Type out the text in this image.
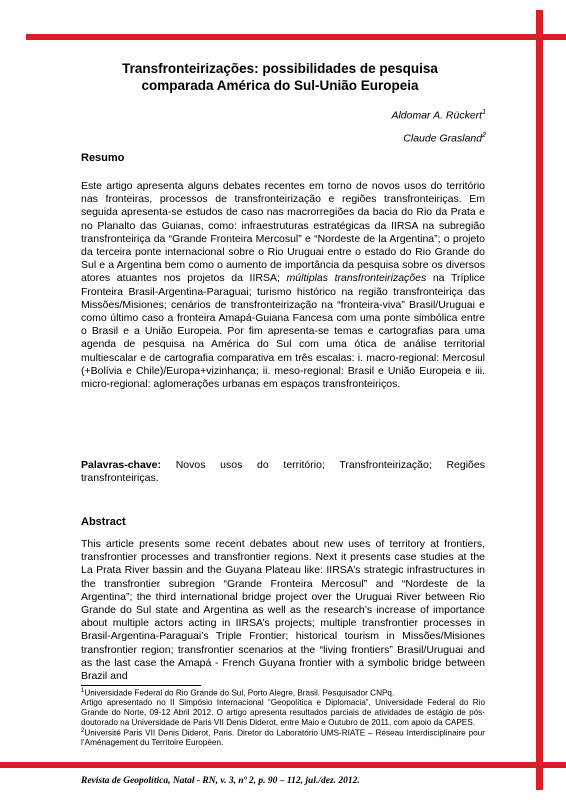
Transfronteirizações: possibilidades de pesquisa
comparada América do Sul-União Europeia
Aldomar A. Rückert$^1$
Claude Grasland$^2$
Resumo

Este artigo apresenta alguns debates recentes em torno de novos usos do território nas fronteiras, processos de transfronteirização e regiões transfronteiriças. Em seguida apresenta-se estudos de caso nas macrorregiões da bacia do Rio da Prata e no Planalto das Guianas, como: infraestruturas estratégicas da IIRSA na subregião transfronteiriça da “Grande Fronteira Mercosul” e “Nordeste de la Argentina”; o projeto da terceira ponte internacional sobre o Rio Uruguai entre o estado do Rio Grande do Sul e a Argentina bem como o aumento de importância da pesquisa sobre os diversos atores atuantes nos projetos da IIRSA; múltiplas transfronteirizações na Tríplice Fronteira Brasil-Argentina-Paraguai; turismo histórico na região transfronteiriça das Missões/Misiones; cenários de transfronteirização na “fronteira-viva” Brasil/Uruguai e como último caso a fronteira Amapá-Guiana Fancesa com uma ponte simbólica entre o Brasil e a União Europeia. Por fim apresenta-se temas e cartografias para uma agenda de pesquisa na América do Sul com uma ótica de análise territorial multiescalar e de cartografia comparativa em três escalas: i. macro-regional: Mercosul (+Bolívia e Chile)/Europa+vizinhança; ii. meso-regional: Brasil e União Europeia e iii. micro-regional: aglomerações urbanas em espaços transfronteiriços.

Palavras-chave: Novos usos do território; Transfronteirização; Regiões transfronteiriças.

Abstract

This article presents some recent debates about new uses of territory at frontiers, transfrontier processes and transfrontier regions. Next it presents case studies at the La Prata River bassin and the Guyana Plateau like: IIRSA’s strategic infrastructures in the transfrontier subregion “Grande Fronteira Mercosul” and “Nordeste de la Argentina”; the third international bridge project over the Uruguai River between Rio Grande do Sul state and Argentina as well as the research’s increase of importance about multiple actors acting in IIRSA’s projects; multiple transfrontier processes in Brasil-Argentina-Paraguai’s Triple Frontier; historical tourism in Missões/Misiones transfrontier region; transfrontier scenarios at the “living frontiers” Brasil/Uruguai and as the last case the Amapá - French Guyana frontier with a symbolic bridge between Brazil and

$^1$Universidade Federal do Rio Grande do Sul, Porto Alegre, Brasil. Pesquisador CNPq.

Artigo apresentado no II Simpósio Internacional “Geopolítica e Diplomacia”, Universidade Federal do Rio Grande do Norte, 09-12 Abril 2012. O artigo apresenta resultados parciais de atividades de estágio de pós-doutorado na Universidade de Paris VII Denis Diderot, entre Maio e Outubro de 2011, com apoio da CAPES.

$^2$Université Paris VII Denis Diderot, Paris. Diretor do Laboratório UMS-RIATE – Réseau Interdisciplinaire pour l’Aménagement du Territoire Européen.

Revista de Geopolítica, Natal - RN, v. 3, nº 2, p. 90 – 112, jul./dez. 2012.
